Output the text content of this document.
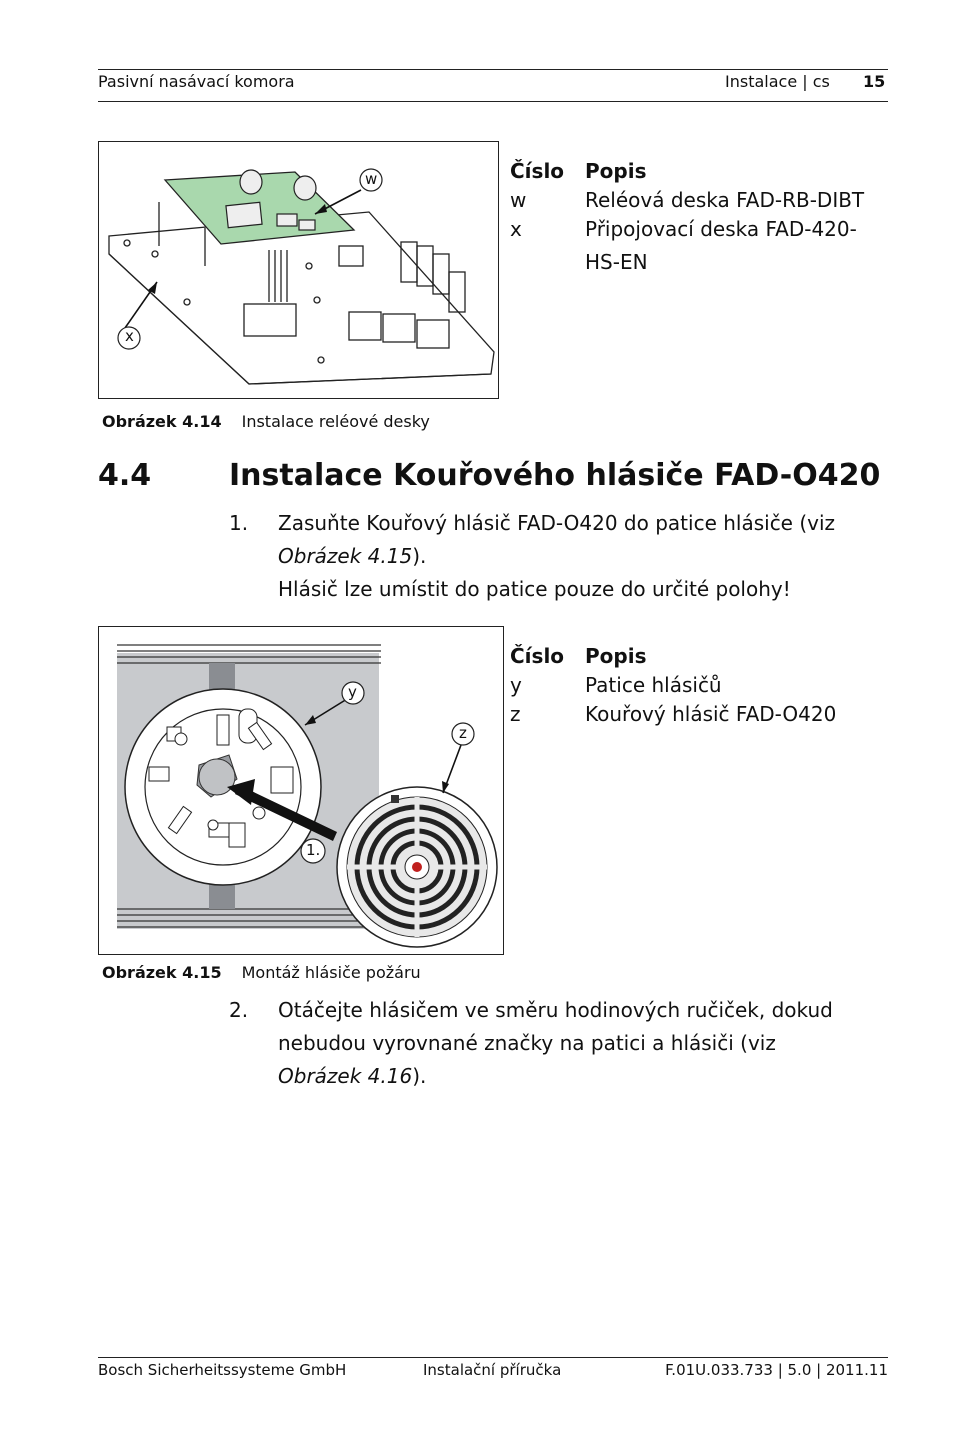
Pasivní nasávací komora	Instalace | cs 15
w
x
Číslo	Popis
w	Reléová deska FAD-RB-DIBT
x	Připojovací deska FAD-420-
HS-EN
Obrázek 4.14 Instalace reléové desky
4.4	Instalace Kouřového hlásiče FAD-O420
1. Zasuňte Kouřový hlásič FAD-O420 do patice hlásiče (viz
Obrázek 4.15).
Hlásič lze umístit do patice pouze do určité polohy!
y
z
1.
Číslo	Popis
y	Patice hlásičů
z	Kouřový hlásič FAD-O420
Obrázek 4.15 Montáž hlásiče požáru
2. Otáčejte hlásičem ve směru hodinových ručiček, dokud
nebudou vyrovnané značky na patici a hlásiči (viz
Obrázek 4.16).
Bosch Sicherheitssysteme GmbH	Instalační příručka	F.01U.033.733 | 5.0 | 2011.11
